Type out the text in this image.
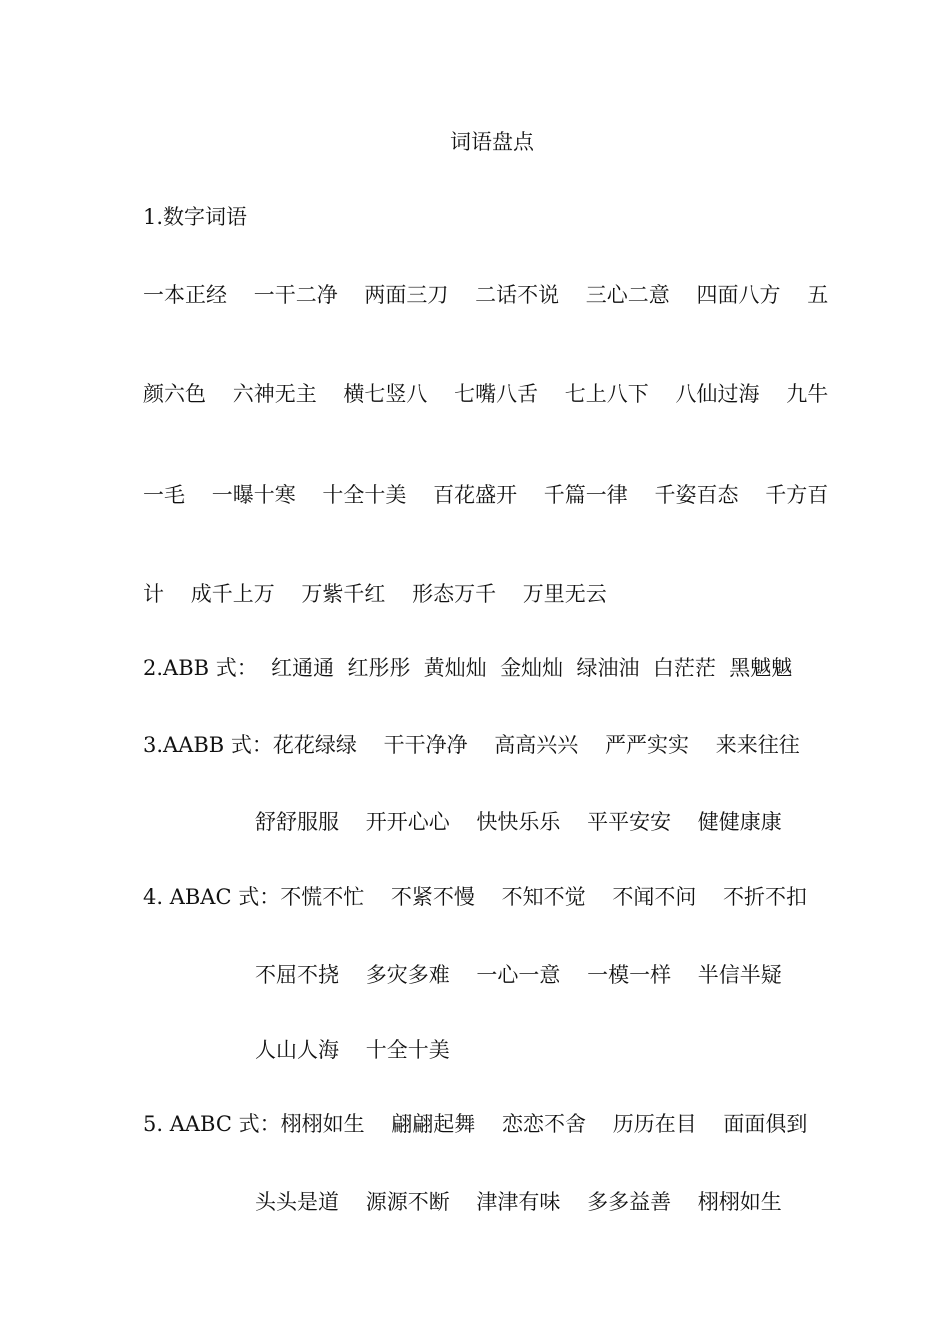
词语盘点
1.数字词语
一本正经    一干二净    两面三刀    二话不说    三心二意    四面八方    五
颜六色    六神无主    横七竖八    七嘴八舌    七上八下    八仙过海    九牛
一毛    一曝十寒    十全十美    百花盛开    千篇一律    千姿百态    千方百
计    成千上万    万紫千红    形态万千    万里无云
2.ABB 式：  红通通  红彤彤  黄灿灿  金灿灿  绿油油  白茫茫  黑魆魆
3.AABB 式：花花绿绿    干干净净    高高兴兴    严严实实    来来往往
舒舒服服    开开心心    快快乐乐    平平安安    健健康康
4. ABAC 式：不慌不忙    不紧不慢    不知不觉    不闻不问    不折不扣
不屈不挠    多灾多难    一心一意    一模一样    半信半疑
人山人海    十全十美
5. AABC 式：栩栩如生    翩翩起舞    恋恋不舍    历历在目    面面俱到
头头是道    源源不断    津津有味    多多益善    栩栩如生
